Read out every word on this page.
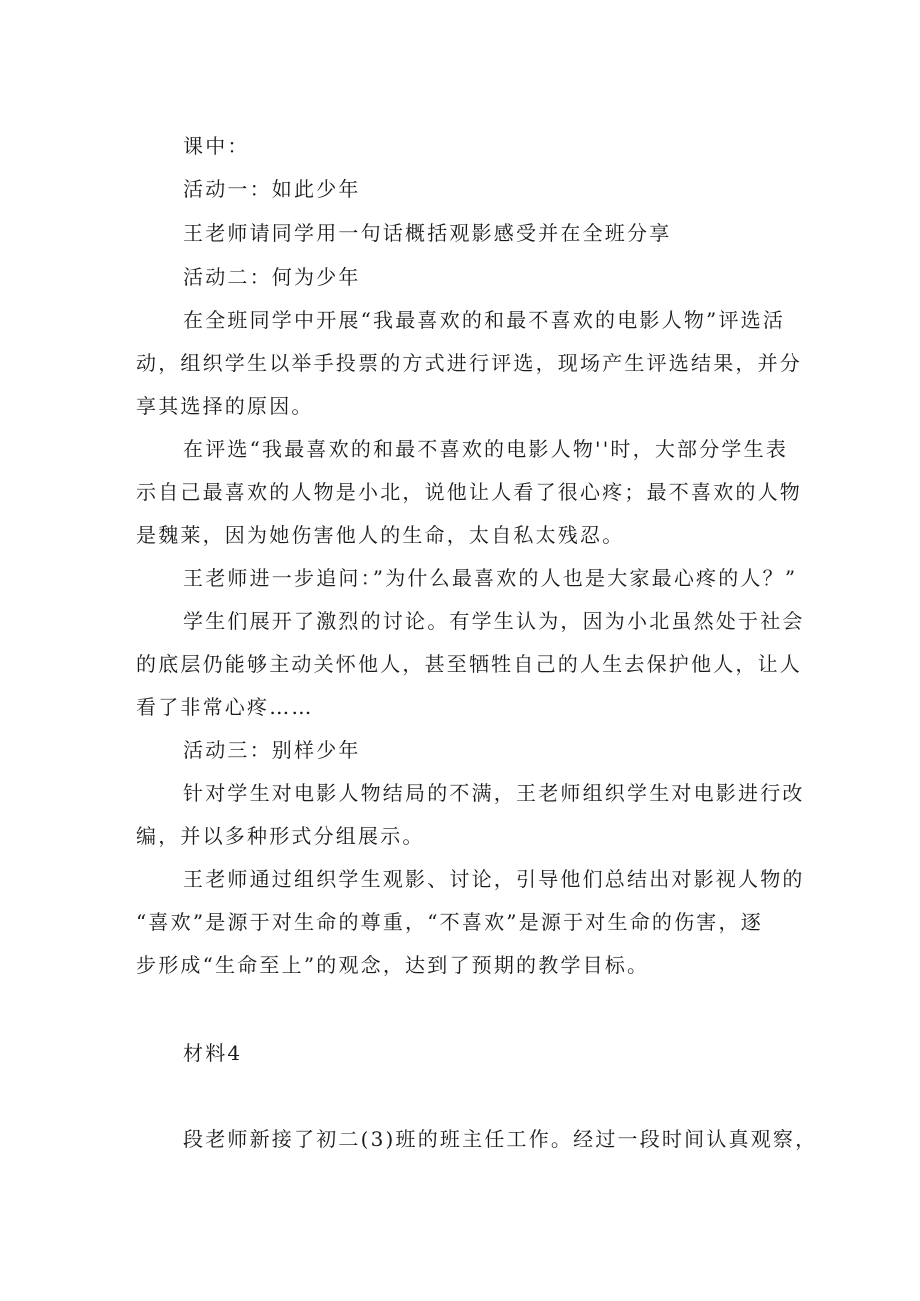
课中：
活动一：如此少年
王老师请同学用一句话概括观影感受并在全班分享
活动二：何为少年
在全班同学中开展“我最喜欢的和最不喜欢的电影人物”评选活
动，组织学生以举手投票的方式进行评选，现场产生评选结果，并分
享其选择的原因。
在评选“我最喜欢的和最不喜欢的电影人物''时，大部分学生表
示自己最喜欢的人物是小北，说他让人看了很心疼；最不喜欢的人物
是魏莱，因为她伤害他人的生命，太自私太残忍。
王老师进一步追问：”为什么最喜欢的人也是大家最心疼的人？”
学生们展开了激烈的讨论。有学生认为，因为小北虽然处于社会
的底层仍能够主动关怀他人，甚至牺牲自己的人生去保护他人，让人
看了非常心疼……
活动三：别样少年
针对学生对电影人物结局的不满，王老师组织学生对电影进行改
编，并以多种形式分组展示。
王老师通过组织学生观影、讨论，引导他们总结出对影视人物的
“喜欢”是源于对生命的尊重，“不喜欢”是源于对生命的伤害，逐
步形成“生命至上”的观念，达到了预期的教学目标。
材料4
段老师新接了初二(3)班的班主任工作。经过一段时间认真观察，
